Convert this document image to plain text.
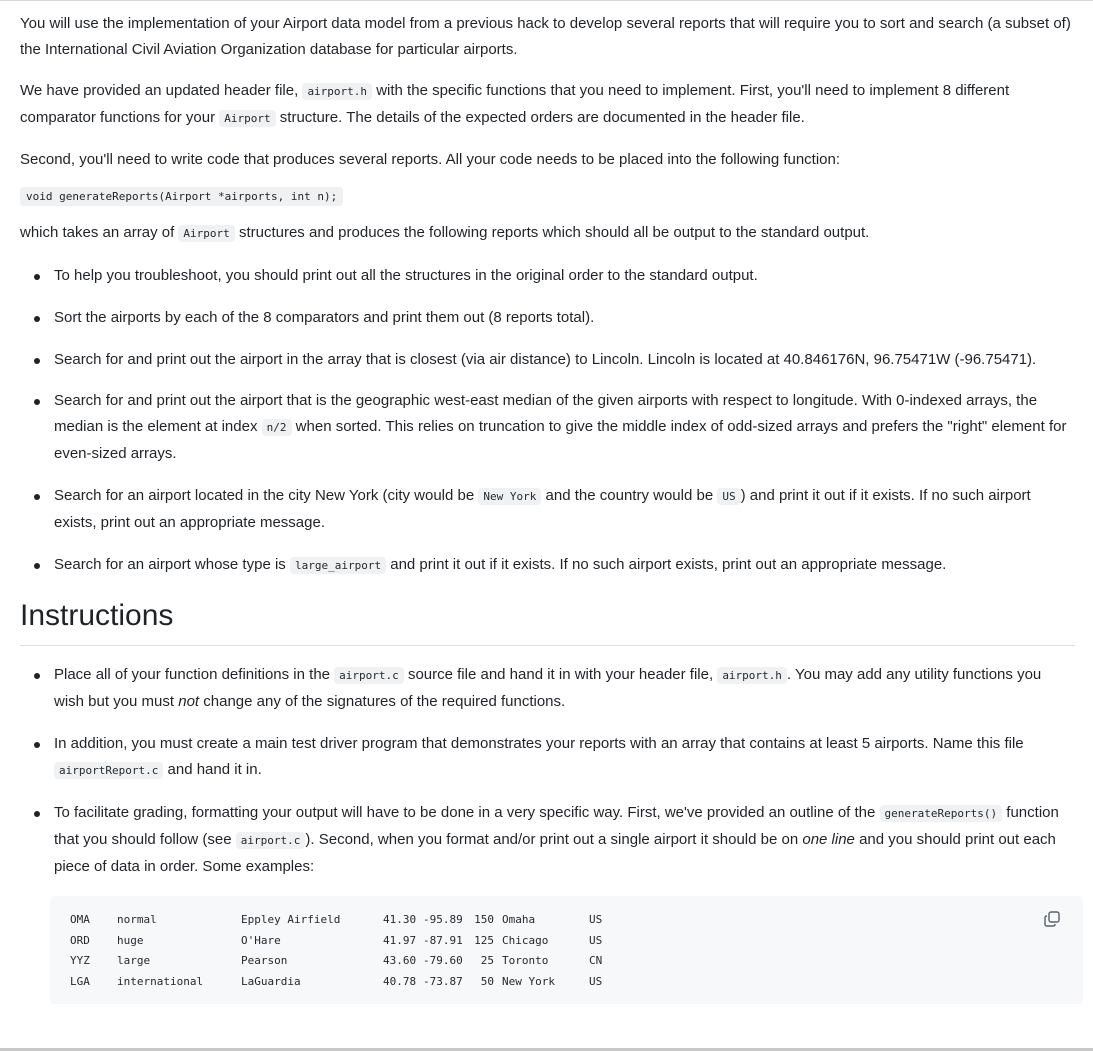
You will use the implementation of your Airport data model from a previous hack to develop several reports that will require you to sort and search (a subset of) the International Civil Aviation Organization database for particular airports.

We have provided an updated header file, airport.h with the specific functions that you need to implement. First, you'll need to implement 8 different comparator functions for your Airport structure. The details of the expected orders are documented in the header file.

Second, you'll need to write code that produces several reports. All your code needs to be placed into the following function:

void generateReports(Airport *airports, int n);

which takes an array of Airport structures and produces the following reports which should all be output to the standard output.

To help you troubleshoot, you should print out all the structures in the original order to the standard output.
Sort the airports by each of the 8 comparators and print them out (8 reports total).
Search for and print out the airport in the array that is closest (via air distance) to Lincoln. Lincoln is located at 40.846176N, 96.75471W (-96.75471).
Search for and print out the airport that is the geographic west-east median of the given airports with respect to longitude. With 0-indexed arrays, the median is the element at index n/2 when sorted. This relies on truncation to give the middle index of odd-sized arrays and prefers the "right" element for even-sized arrays.
Search for an airport located in the city New York (city would be New York and the country would be US ) and print it out if it exists. If no such airport exists, print out an appropriate message.
Search for an airport whose type is large_airport and print it out if it exists. If no such airport exists, print out an appropriate message.
Instructions
Place all of your function definitions in the airport.c source file and hand it in with your header file, airport.h . You may add any utility functions you wish but you must not change any of the signatures of the required functions.
In addition, you must create a main test driver program that demonstrates your reports with an array that contains at least 5 airports. Name this file airportReport.c and hand it in.
To facilitate grading, formatting your output will have to be done in a very specific way. First, we've provided an outline of the generateReports() function that you should follow (see airport.c ). Second, when you format and/or print out a single airport it should be on one line and you should print out each piece of data in order. Some examples:
OMA	normal	Eppley Airfield	41.30 -95.89	150 Omaha	US
ORD	huge	O'Hare	41.97 -87.91	125 Chicago	US
YYZ	large	Pearson	43.60 -79.60	25 Toronto	CN
LGA	international	LaGuardia	40.78 -73.87	50 New York	US
